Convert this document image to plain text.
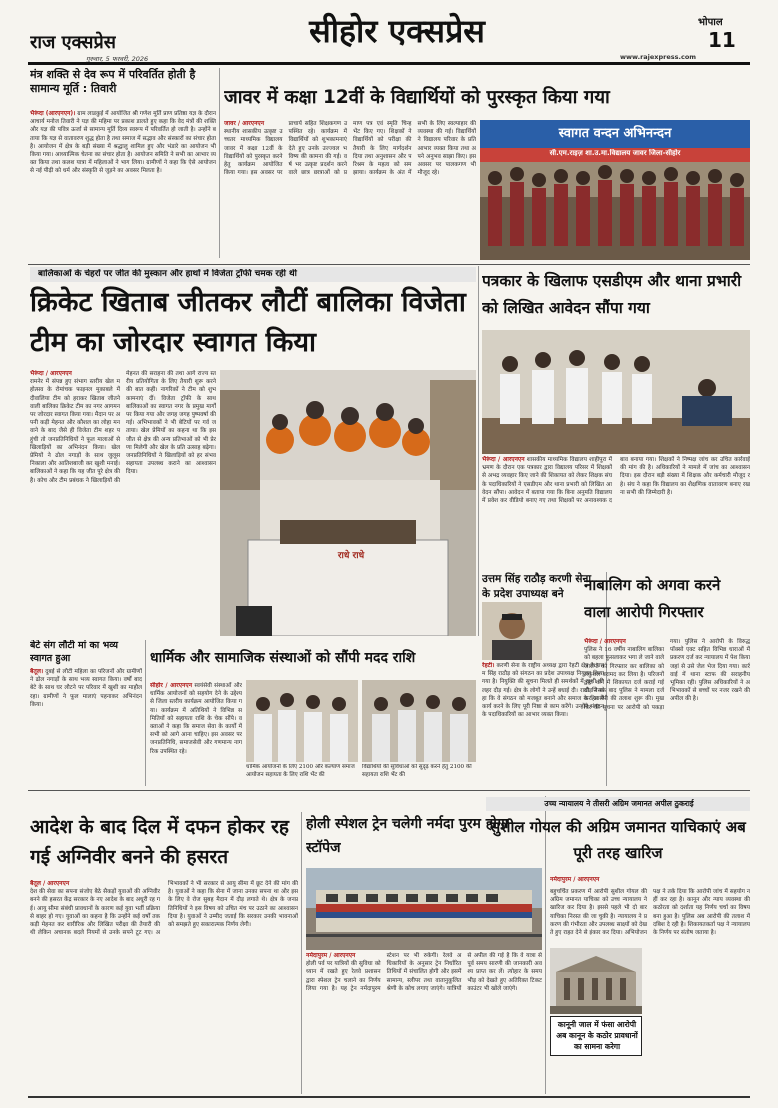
राज एक्सप्रेस
गुरुवार, 5 फरवरी, 2026
सीहोर एक्सप्रेस	भोपाल
11
www.rajexpress.com
मंत्र शक्ति से देव रूप में परिवर्तित होती है सामान्य मूर्ति : तिवारी
भैरूंदा (आरएनएन)। ग्राम लाडकुई में आयोजित श्री गणेश मूर्ति प्राण प्रतिष्ठा यज्ञ के दौरान आचार्य मनोज तिवारी ने यज्ञ की महिमा पर प्रकाश डालते हुए कहा कि वेद मंत्रों की शक्ति और यज्ञ की पवित्र ऊर्जा से सामान्य मूर्ति दिव्य स्वरूप में परिवर्तित हो जाती है। उन्होंने बताया कि यज्ञ से वातावरण शुद्ध होता है तथा समाज में सद्भाव और संस्कारों का संचार होता है। आयोजन में क्षेत्र के बड़ी संख्या में श्रद्धालु शामिल हुए और भंडारे का आयोजन भी किया गया। आध्यात्मिक चेतना का संचार होता है। आयोजन समिति ने सभी का आभार व्यक्त किया तथा कलश यात्रा में महिलाओं ने भाग लिया। ग्रामीणों ने कहा कि ऐसे आयोजन से नई पीढ़ी को धर्म और संस्कृति से जुड़ने का अवसर मिलता है।
जावर में कक्षा 12वीं के विद्यार्थियों को पुरस्कृत किया गया
जावर / आरएनएन
स्थानीय शासकीय उत्कृष्ट उच्चतर माध्यमिक विद्यालय जावर में कक्षा 12वीं के विद्यार्थियों को पुरस्कृत करने हेतु कार्यक्रम आयोजित किया गया। इस अवसर पर प्राचार्य सहित शिक्षकगण उपस्थित रहे। कार्यक्रम में विद्यार्थियों को शुभकामनाएं देते हुए उनके उज्ज्वल भविष्य की कामना की गई। वर्ष भर उत्कृष्ट प्रदर्शन करने वाले छात्र छात्राओं को प्रमाण पत्र एवं स्मृति चिन्ह भेंट किए गए। शिक्षकों ने विद्यार्थियों को परीक्षा की तैयारी के लिए मार्गदर्शन दिया तथा अनुशासन और परिश्रम के महत्व को समझाया। कार्यक्रम के अंत में सभी के लिए स्वल्पाहार की व्यवस्था की गई। विद्यार्थियों ने विद्यालय परिवार के प्रति आभार व्यक्त किया तथा अपने अनुभव साझा किए। इस अवसर पर पालकगण भी मौजूद रहे।
स्वागत वन्दन अभिनन्दन
सी.एम.राइज़ शा.उ.मा.विद्यालय जावर जिला-सीहोर
बालिकाओं के चेहरों पर जीत की मुस्कान और हाथों में विजेता ट्रॉफी चमक रही थी
क्रिकेट खिताब जीतकर लौटीं बालिका विजेता टीम का जोरदार स्वागत किया
भैरूंदा / आरएनएन
रामनेर में संपन्न हुए संभाग स्तरीय खेल महोत्सव के रोमांचक फाइनल मुकाबले में दीवालिया टीम को हराकर खिताब जीतने वाली बालिका क्रिकेट टीम का नगर आगमन पर जोरदार स्वागत किया गया। मैदान पर अपनी कड़ी मेहनत और कौशल का लोहा मनवाने के बाद जैसे ही विजेता टीम शहर पहुंची तो जनप्रतिनिधियों ने फूल मालाओं से खिलाड़ियों का अभिनंदन किया। खेल प्रेमियों ने ढोल नगाड़ों के साथ जुलूस निकाला और आतिशबाजी कर खुशी मनाई। बालिकाओं ने कहा कि यह जीत पूरे क्षेत्र की है। कोच और टीम प्रबंधक ने खिलाड़ियों की मेहनत की सराहना की तथा आगे राज्य स्तरीय प्रतियोगिता के लिए तैयारी शुरू करने की बात कही। नागरिकों ने टीम को शुभकामनाएं दीं। विजेता ट्रॉफी के साथ बालिकाओं का स्वागत नगर के प्रमुख मार्गों पर किया गया और जगह जगह पुष्पवर्षा की गई। अभिभावकों ने भी बेटियों पर गर्व जताया। खेल प्रेमियों का कहना था कि इस जीत से क्षेत्र की अन्य प्रतिभाओं को भी प्रेरणा मिलेगी और खेल के प्रति उत्साह बढ़ेगा। जनप्रतिनिधियों ने खिलाड़ियों को हर संभव सहायता उपलब्ध कराने का आश्वासन दिया।
राधे राधे
पत्रकार के खिलाफ एसडीएम और थाना प्रभारी को लिखित आवेदन सौंपा गया
भैरूंदा / आरएनएन शासकीय माध्यमिक विद्यालय शाहीपुरा में भ्रमण के दौरान एक पत्रकार द्वारा विद्यालय परिसर में शिक्षकों से अभद्र व्यवहार किए जाने की शिकायत को लेकर शिक्षक संघ के पदाधिकारियों ने एसडीएम और थाना प्रभारी को लिखित आवेदन सौंपा। आवेदन में बताया गया कि बिना अनुमति विद्यालय में प्रवेश कर वीडियो बनाए गए तथा शिक्षकों पर अनावश्यक दबाव बनाया गया। शिक्षकों ने निष्पक्ष जांच कर उचित कार्रवाई की मांग की है। अधिकारियों ने मामले में जांच का आश्वासन दिया। इस दौरान बड़ी संख्या में शिक्षक और कर्मचारी मौजूद रहे। संघ ने कहा कि विद्यालय का शैक्षणिक वातावरण बनाए रखना सभी की जिम्मेदारी है।
उत्तम सिंह राठौड़ करणी सेना के प्रदेश उपाध्यक्ष बने
रेहटी। करणी सेना के राष्ट्रीय अध्यक्ष द्वारा रेहटी क्षेत्र के उत्तम सिंह राठौड़ को संगठन का प्रदेश उपाध्यक्ष नियुक्त किया गया है। नियुक्ति की सूचना मिलते ही समर्थकों में खुशी की लहर दौड़ गई। क्षेत्र के लोगों ने उन्हें बधाई दी। राठौड़ ने कहा कि वे संगठन को मजबूत बनाने और समाज के हित में कार्य करने के लिए पूरी निष्ठा से काम करेंगे। उन्होंने संगठन के पदाधिकारियों का आभार व्यक्त किया।
नाबालिग को अगवा करने वाला आरोपी गिरफ्तार
भैरूंदा / आरएनएन
पुलिस ने 16 वर्षीय नाबालिग बालिका को बहला फुसलाकर भगा ले जाने वाले आरोपी को गिरफ्तार कर बालिका को सकुशल बरामद कर लिया है। परिजनों द्वारा थाने में शिकायत दर्ज कराई गई थी जिसके बाद पुलिस ने मामला दर्ज कर आरोपी की तलाश शुरू की। मुखबिर की सूचना पर आरोपी को पकड़ा गया। पुलिस ने आरोपी के विरुद्ध पॉक्सो एक्ट सहित विभिन्न धाराओं में प्रकरण दर्ज कर न्यायालय में पेश किया जहां से उसे जेल भेज दिया गया। कार्रवाई में थाना स्टाफ की सराहनीय भूमिका रही। पुलिस अधिकारियों ने अभिभावकों से बच्चों पर नजर रखने की अपील की है।
बेटे संग लौटी मां का भव्य स्वागत हुआ
बैतूल। दुबई से लौटी महिला का परिजनों और ग्रामीणों ने ढोल नगाड़ों के साथ भव्य स्वागत किया। वर्षों बाद बेटे के साथ घर लौटने पर परिवार में खुशी का माहौल रहा। ग्रामीणों ने फूल मालाएं पहनाकर अभिनंदन किया।
धार्मिक और सामाजिक संस्थाओं को सौंपी मदद राशि
सीहोर / आरएनएन स्वयंसेवी संस्थाओं और धार्मिक आयोजनों को सहयोग देने के उद्देश्य से जिला स्तरीय कार्यक्रम आयोजित किया गया। कार्यक्रम में अतिथियों ने विभिन्न समितियों को सहायता राशि के चेक सौंपे। वक्ताओं ने कहा कि समाज सेवा के कार्यों में सभी को आगे आना चाहिए। इस अवसर पर जनप्रतिनिधि, समाजसेवी और गणमान्य नागरिक उपस्थित रहे।
धार्मिक आयोजनों के लिए 2100 और कल्याण समाज आयोजन सहायता के लिए राशि भेंट की
विद्यार्थियों की सुविधाओं को सुदृढ़ करने हेतु 2100 की सहायता राशि भेंट की
आदेश के बाद दिल में दफन होकर रह गई अग्निवीर बनने की हसरत
बैतूल / आरएनएन
देश की सेवा का सपना संजोए बैठे सैकड़ों युवाओं की अग्निवीर बनने की हसरत केंद्र सरकार के नए आदेश के बाद अधूरी रह गई। आयु सीमा संबंधी प्रावधानों के कारण कई युवा भर्ती प्रक्रिया से बाहर हो गए। युवाओं का कहना है कि उन्होंने कई वर्षों तक कड़ी मेहनत कर शारीरिक और लिखित परीक्षा की तैयारी की थी लेकिन अचानक बदले नियमों से उनके सपने टूट गए। अभिभावकों ने भी सरकार से आयु सीमा में छूट देने की मांग की है। युवाओं ने कहा कि सेना में जाना उनका सपना था और इसके लिए वे रोज सुबह मैदान में दौड़ लगाते थे। क्षेत्र के जनप्रतिनिधियों ने इस विषय को उचित मंच पर उठाने का आश्वासन दिया है। युवाओं ने उम्मीद जताई कि सरकार उनकी भावनाओं को समझते हुए सकारात्मक निर्णय लेगी।
होली स्पेशल ट्रेन चलेगी नर्मदा पुरम होगा स्टॉपेज
नर्मदापुरम / आरएनएन
होली पर्व पर यात्रियों की सुविधा को ध्यान में रखते हुए रेलवे प्रशासन द्वारा स्पेशल ट्रेन चलाने का निर्णय लिया गया है। यह ट्रेन नर्मदापुरम स्टेशन पर भी रुकेगी। रेलवे अधिकारियों के अनुसार ट्रेन निर्धारित तिथियों में संचालित होगी और इसमें सामान्य, स्लीपर तथा वातानुकूलित श्रेणी के कोच लगाए जाएंगे। यात्रियों से अपील की गई है कि वे यात्रा से पूर्व समय सारणी की जानकारी अवश्य प्राप्त कर लें। त्योहार के समय भीड़ को देखते हुए अतिरिक्त टिकट काउंटर भी खोले जाएंगे।
उच्च न्यायालय ने तीसरी अग्रिम जमानत अपील ठुकराई
सुशील गोयल की अग्रिम जमानत याचिकाएं अब पूरी तरह खारिज
नर्मदापुरम / आरएनएन
बहुचर्चित प्रकरण में आरोपी सुशील गोयल की अग्रिम जमानत याचिका को उच्च न्यायालय ने खारिज कर दिया है। इससे पहले भी दो बार याचिका निरस्त की जा चुकी है। न्यायालय ने प्रकरण की गंभीरता और उपलब्ध साक्ष्यों को देखते हुए राहत देने से इंकार कर दिया। अभियोजन पक्ष ने तर्क दिया कि आरोपी जांच में सहयोग नहीं कर रहा है। कानून और न्याय व्यवस्था की कठोरता को दर्शाता यह निर्णय चर्चा का विषय बना हुआ है। पुलिस अब आरोपी की तलाश में दबिश दे रही है। शिकायतकर्ता पक्ष ने न्यायालय के निर्णय पर संतोष जताया है।
कानूनी जाल में फंसा आरोपी अब कानून के कठोर प्रावधानों का सामना करेगा
